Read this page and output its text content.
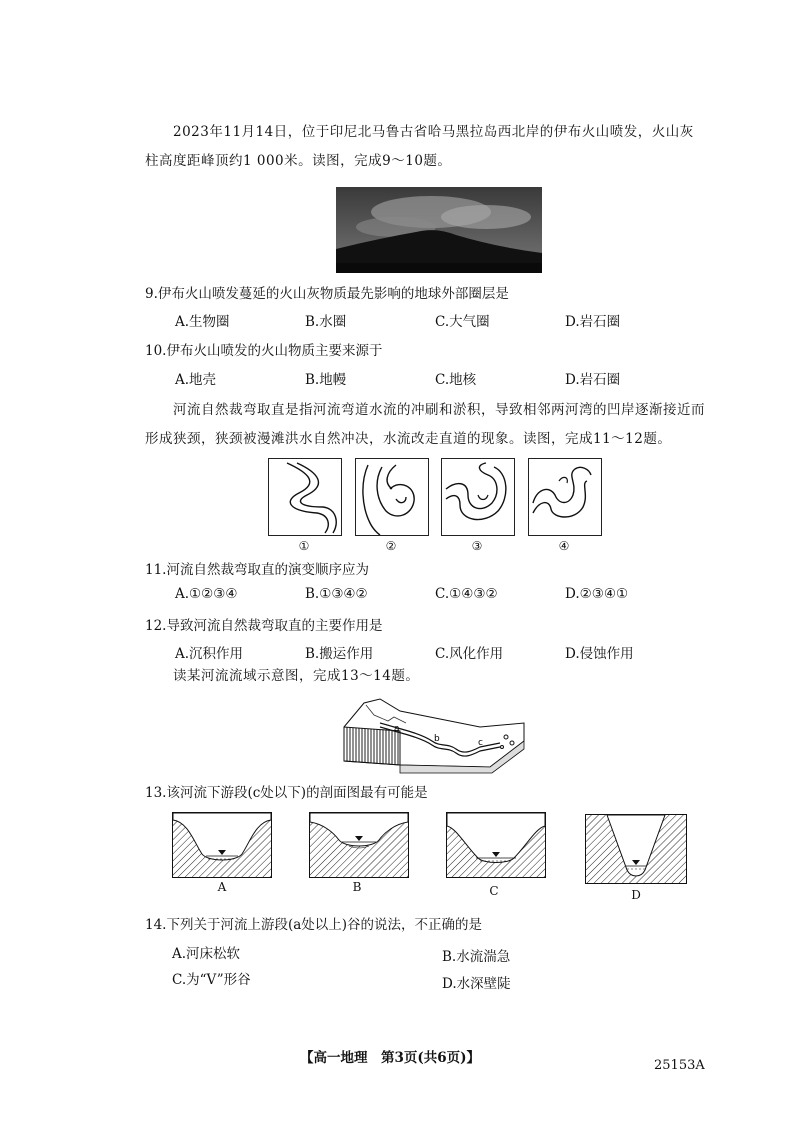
2023年11月14日，位于印尼北马鲁古省哈马黑拉岛西北岸的伊布火山喷发，火山灰柱高度距峰顶约1 000米。读图，完成9～10题。
9.伊布火山喷发蔓延的火山灰物质最先影响的地球外部圈层是
A.生物圈	B.水圈	C.大气圈	D.岩石圈
10.伊布火山喷发的火山物质主要来源于
A.地壳	B.地幔	C.地核	D.岩石圈
河流自然裁弯取直是指河流弯道水流的冲刷和淤积，导致相邻两河湾的凹岸逐渐接近而形成狭颈，狭颈被漫滩洪水自然冲决，水流改走直道的现象。读图，完成11～12题。
①	②	③	④
11.河流自然裁弯取直的演变顺序应为
A.①②③④	B.①③④②	C.①④③②	D.②③④①
12.导致河流自然裁弯取直的主要作用是
A.沉积作用	B.搬运作用	C.风化作用	D.侵蚀作用
读某河流流域示意图，完成13～14题。
a
b	c
13.该河流下游段(c处以下)的剖面图最有可能是
A	B	C	D
14.下列关于河流上游段(a处以上)谷的说法，不正确的是
A.河床松软	B.水流湍急
C.为“V”形谷	D.水深壁陡
【高一地理　第3页(共6页)】	25153A
